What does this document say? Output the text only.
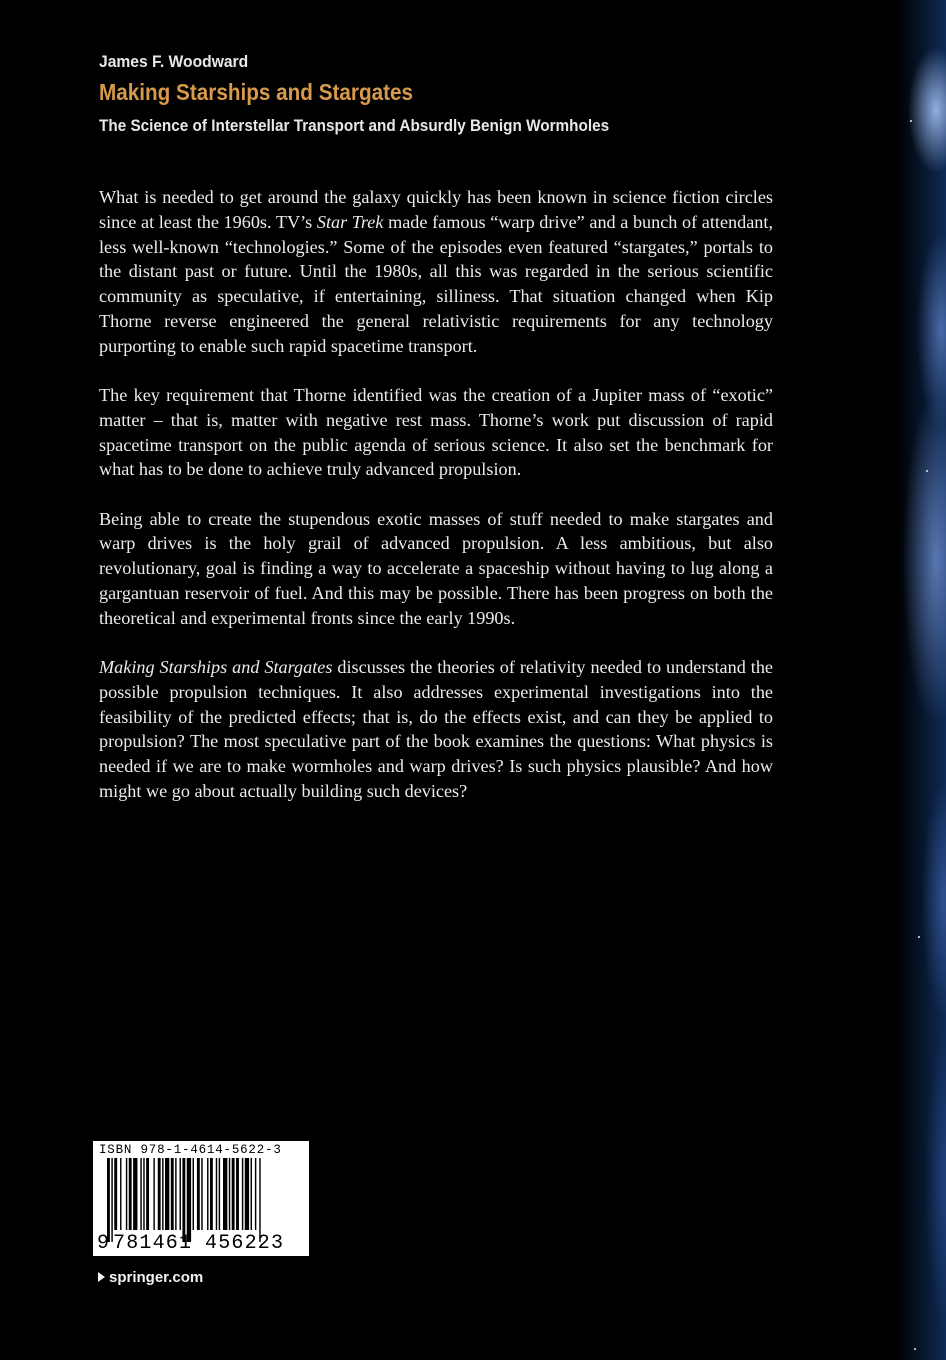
James F. Woodward
Making Starships and Stargates
The Science of Interstellar Transport and Absurdly Benign Wormholes

What is needed to get around the galaxy quickly has been known in science fiction circles since at least the 1960s. TV’s Star Trek made famous “warp drive” and a bunch of attendant, less well-known “technologies.” Some of the episodes even featured “stargates,” portals to the distant past or future. Until the 1980s, all this was regarded in the serious scientific community as speculative, if entertaining, silliness. That situation changed when Kip Thorne reverse engineered the general relativistic requirements for any technology purporting to enable such rapid spacetime transport.

The key requirement that Thorne identified was the creation of a Jupiter mass of “exotic” matter – that is, matter with negative rest mass. Thorne’s work put discussion of rapid spacetime transport on the public agenda of serious science. It also set the benchmark for what has to be done to achieve truly advanced propulsion.

Being able to create the stupendous exotic masses of stuff needed to make stargates and warp drives is the holy grail of advanced propulsion. A less ambitious, but also revolutionary, goal is finding a way to accelerate a spaceship without having to lug along a gargantuan reservoir of fuel. And this may be possible. There has been progress on both the theoretical and experimental fronts since the early 1990s.

Making Starships and Stargates discusses the theories of relativity needed to understand the possible propulsion techniques. It also addresses experimental investigations into the feasibility of the predicted effects; that is, do the effects exist, and can they be applied to propulsion? The most speculative part of the book examines the questions: What physics is needed if we are to make wormholes and warp drives? Is such physics plausible? And how might we go about actually building such devices?

ISBN 978-1-4614-5622-3
9 781461 456223
springer.com
